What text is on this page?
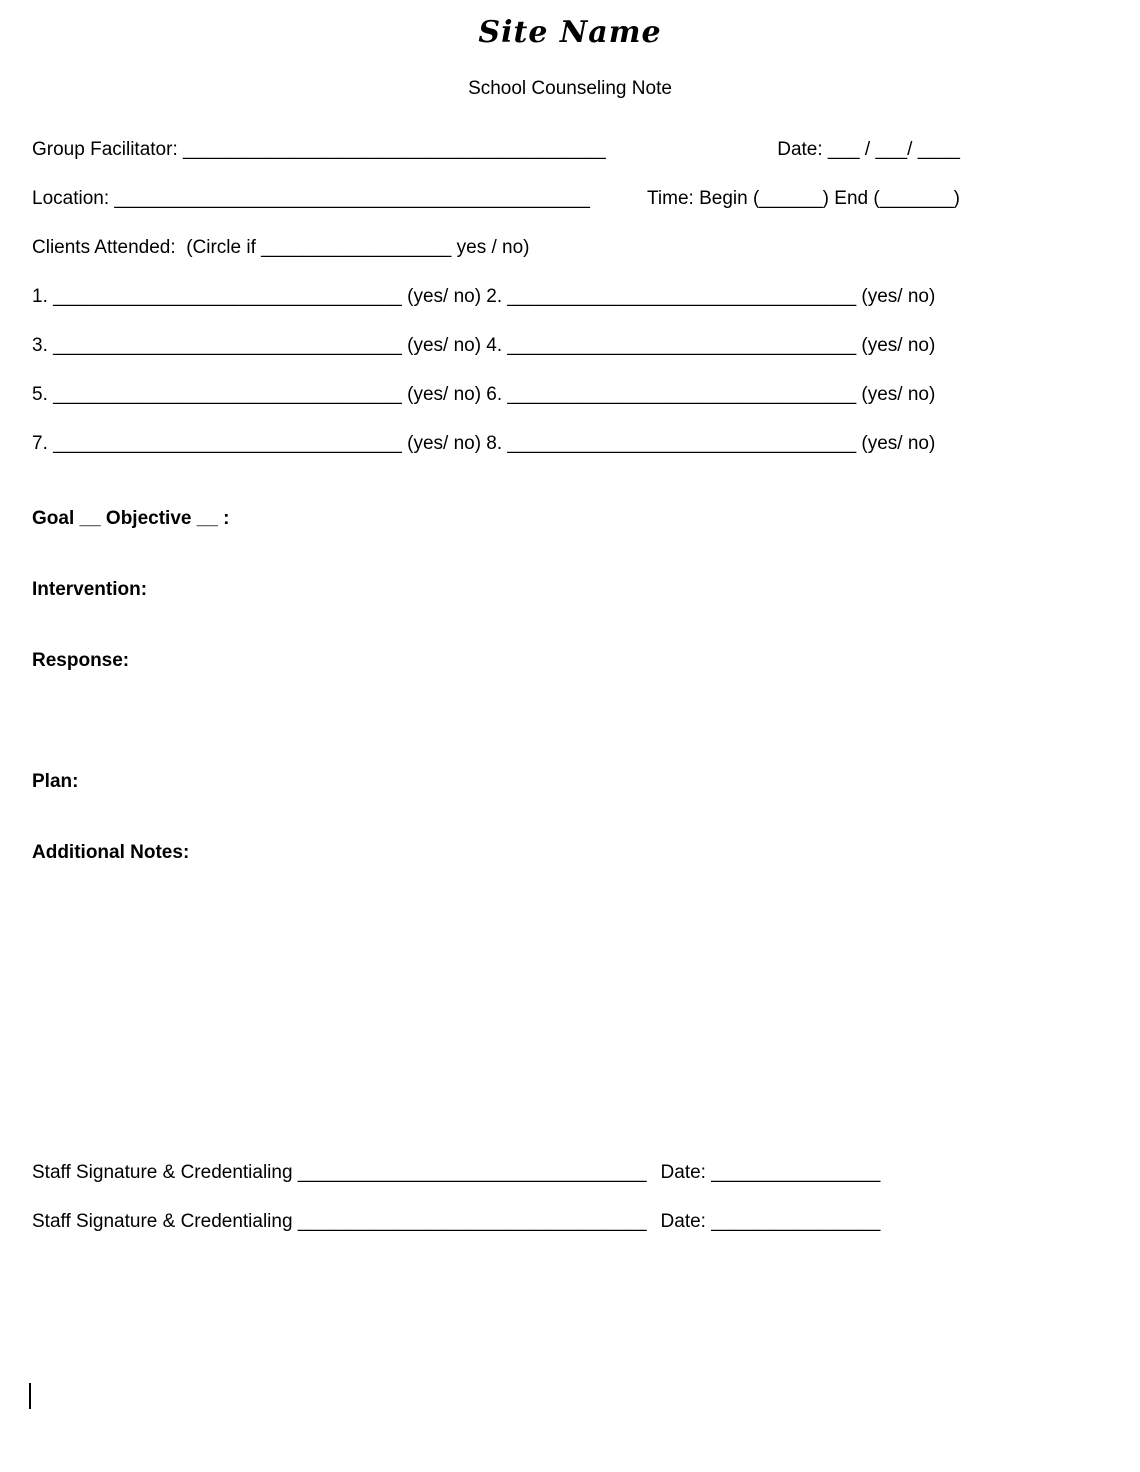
Site Name
School Counseling Note

Group Facilitator: ________________________________________	Date: ___ / ___/ ____

Location: _____________________________________________	Time: Begin (______) End (_______)

Clients Attended:  (Circle if __________________ yes / no)

1. _________________________________ (yes/ no) 2. _________________________________ (yes/ no)

3. _________________________________ (yes/ no) 4. _________________________________ (yes/ no)

5. _________________________________ (yes/ no) 6. _________________________________ (yes/ no)

7. _________________________________ (yes/ no) 8. _________________________________ (yes/ no)

Goal __ Objective __ :

Intervention:

Response:

Plan:

Additional Notes:

Staff Signature & Credentialing _________________________________ Date: ________________

Staff Signature & Credentialing _________________________________ Date: ________________
